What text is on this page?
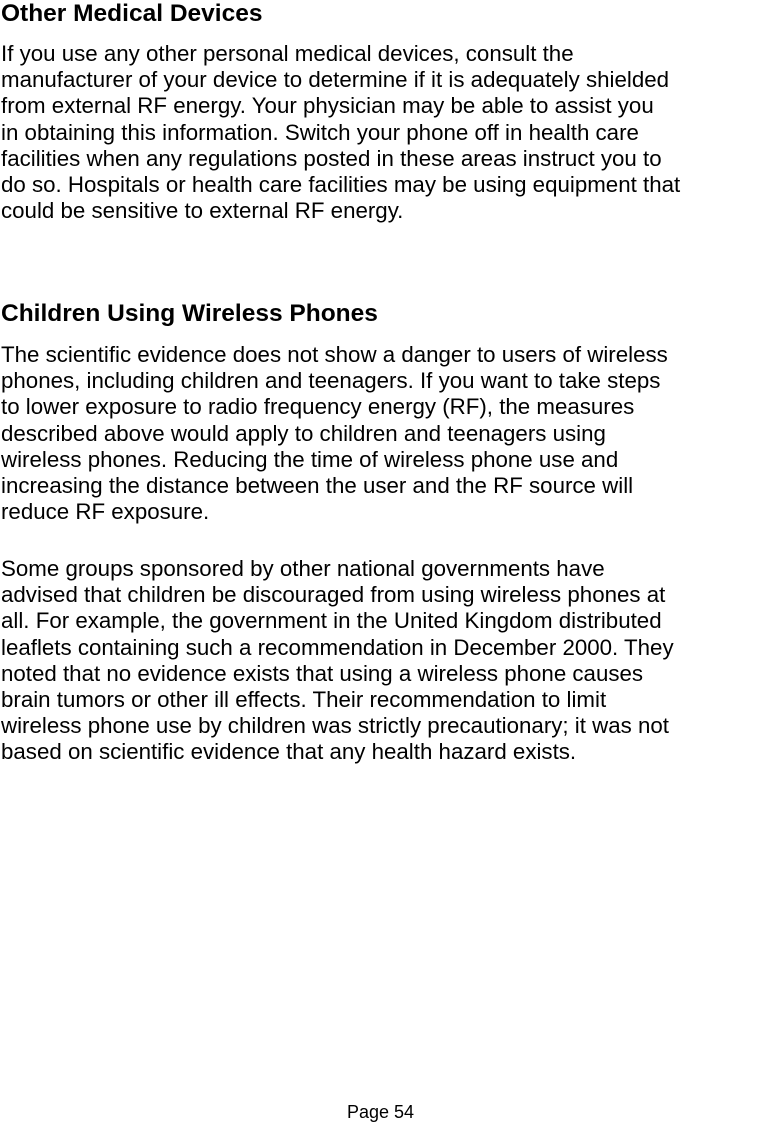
Other Medical Devices

If you use any other personal medical devices, consult the
manufacturer of your device to determine if it is adequately shielded
from external RF energy. Your physician may be able to assist you
in obtaining this information. Switch your phone off in health care
facilities when any regulations posted in these areas instruct you to
do so. Hospitals or health care facilities may be using equipment that
could be sensitive to external RF energy.

Children Using Wireless Phones

The scientific evidence does not show a danger to users of wireless
phones, including children and teenagers. If you want to take steps
to lower exposure to radio frequency energy (RF), the measures
described above would apply to children and teenagers using
wireless phones. Reducing the time of wireless phone use and
increasing the distance between the user and the RF source will
reduce RF exposure.

Some groups sponsored by other national governments have
advised that children be discouraged from using wireless phones at
all. For example, the government in the United Kingdom distributed
leaflets containing such a recommendation in December 2000. They
noted that no evidence exists that using a wireless phone causes
brain tumors or other ill effects. Their recommendation to limit
wireless phone use by children was strictly precautionary; it was not
based on scientific evidence that any health hazard exists.

Page 54
